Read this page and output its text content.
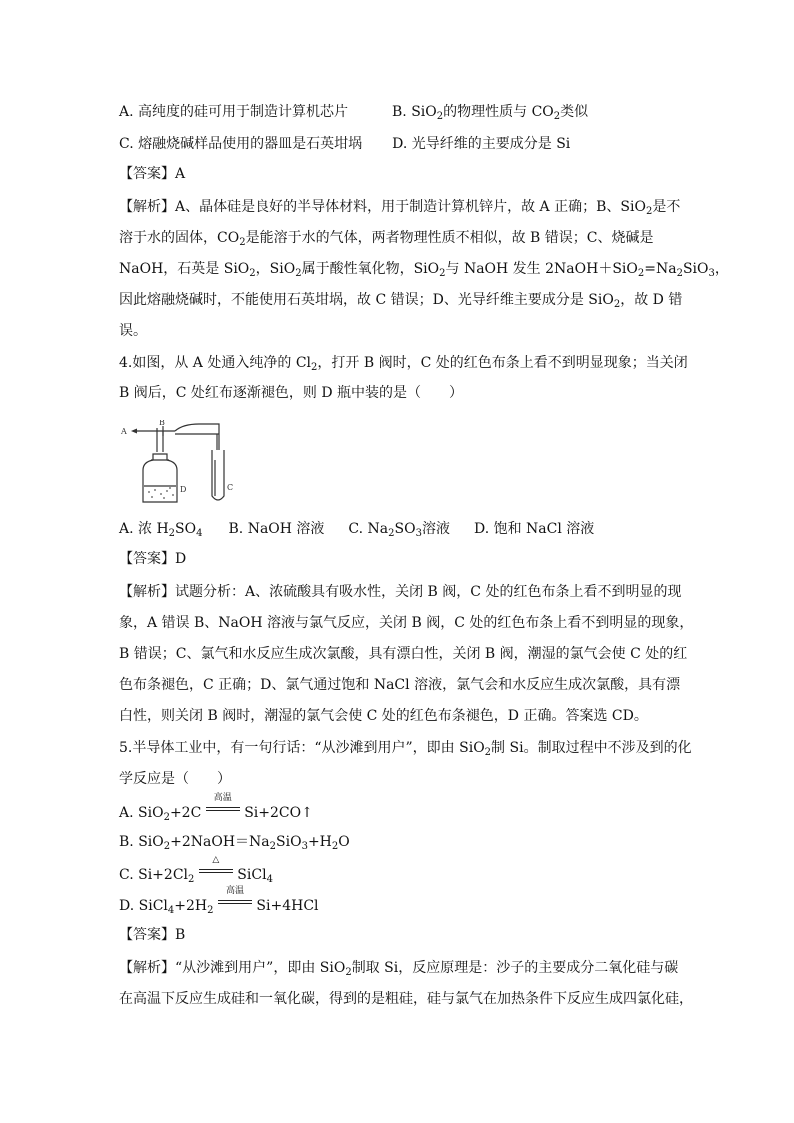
A. 高纯度的硅可用于制造计算机芯片	B. SiO$_2$的物理性质与 $CO_2$类似
C. 熔融烧碱样品使用的器皿是石英坩埚 D. 光导纤维的主要成分是 Si
【答案】A
【解析】A、晶体硅是良好的半导体材料，用于制造计算机锌片，故 A 正确；B、SiO$_2$是不
溶于水的固体，$CO_2$是能溶于水的气体，两者物理性质不相似，故 B 错误；C、烧碱是
NaOH，石英是 SiO$_2$，SiO$_2$属于酸性氧化物，SiO$_2$与 NaOH 发生 $2NaOH+SiO_2=Na_2SiO_3$，
因此熔融烧碱时，不能使用石英坩埚，故 C 错误；D、光导纤维主要成分是 SiO$_2$，故 D 错
误。
4.如图，从 A 处通入纯净的 $Cl_2$，打开 B 阀时，C 处的红色布条上看不到明显现象；当关闭
B 阀后，C 处红布逐渐褪色，则 D 瓶中装的是（　　）
A
B
D	C
A. 浓 $H_2SO_4$ B. NaOH 溶液 C. $Na_2SO_3$溶液 D. 饱和 NaCl 溶液
【答案】D
【解析】试题分析：A、浓硫酸具有吸水性，关闭 B 阀，C 处的红色布条上看不到明显的现
象，A 错误 B、NaOH 溶液与氯气反应，关闭 B 阀，C 处的红色布条上看不到明显的现象，
B 错误；C、氯气和水反应生成次氯酸，具有漂白性，关闭 B 阀，潮湿的氯气会使 C 处的红
色布条褪色，C 正确；D、氯气通过饱和 NaCl 溶液，氯气会和水反应生成次氯酸，具有漂
白性，则关闭 B 阀时，潮湿的氯气会使 C 处的红色布条褪色，D 正确。答案选 CD。
5.半导体工业中，有一句行话：“从沙滩到用户”，即由 SiO$_2$制 Si。制取过程中不涉及到的化
学反应是（　　）
A. SiO$_2$+2C
高温
Si+2CO↑
B. $SiO_2+2NaOH=Na_2SiO_3+H_2O$
C. $Si+2Cl_2$
△
SiCl$_4$
D. $SiCl_4+2H_2$
高温
Si+4HCl
【答案】B
【解析】“从沙滩到用户”，即由 SiO$_2$制取 Si，反应原理是：沙子的主要成分二氧化硅与碳
在高温下反应生成硅和一氧化碳，得到的是粗硅，硅与氯气在加热条件下反应生成四氯化硅，
